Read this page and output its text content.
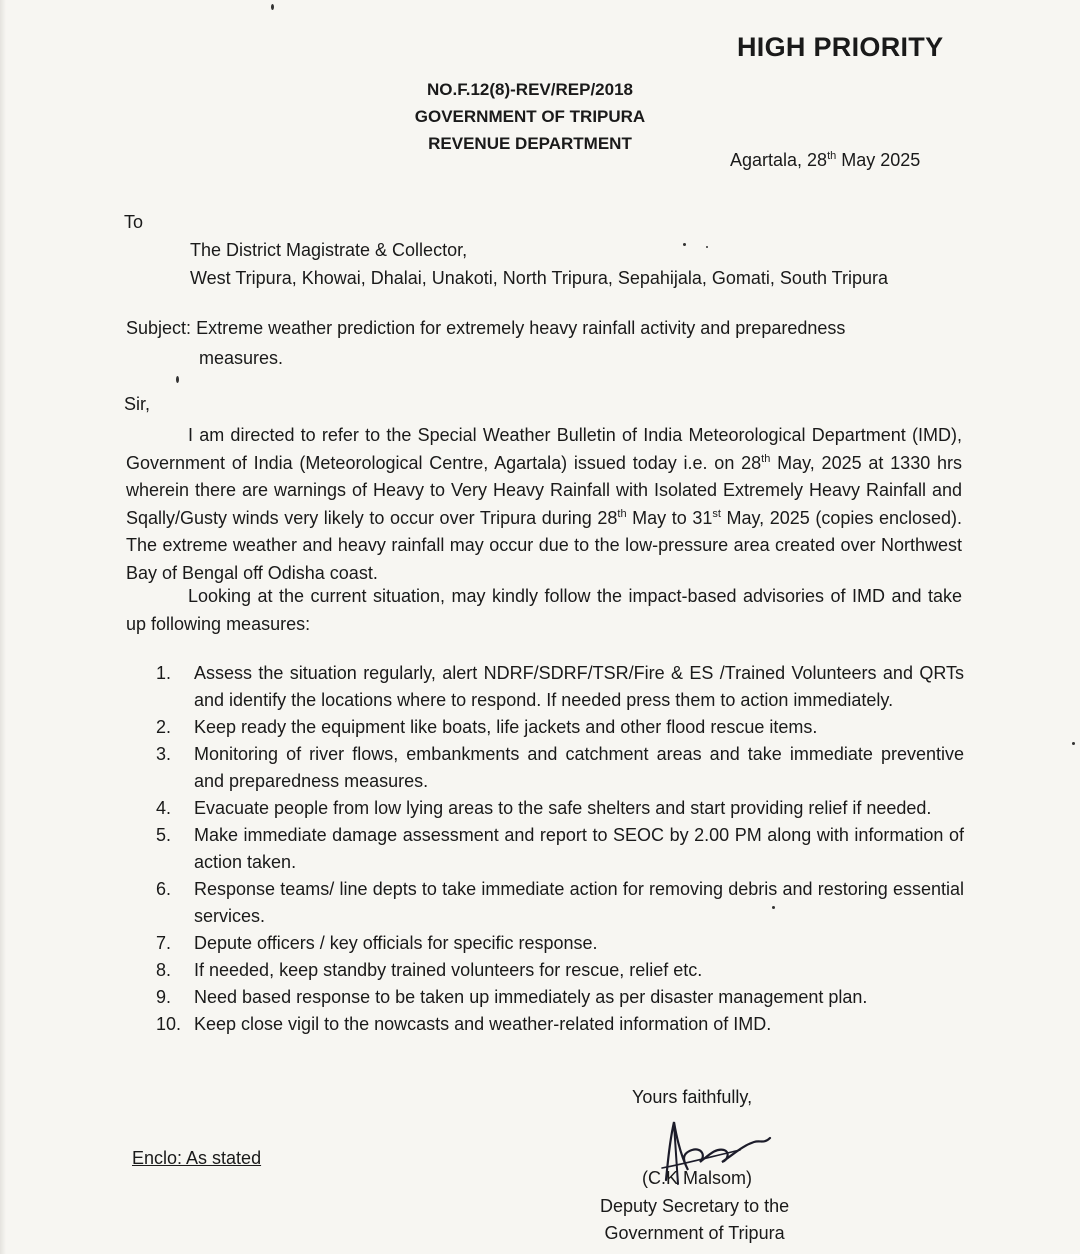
HIGH PRIORITY
NO.F.12(8)-REV/REP/2018
GOVERNMENT OF TRIPURA
REVENUE DEPARTMENT
Agartala, 28th May 2025
To
The District Magistrate & Collector,
West Tripura, Khowai, Dhalai, Unakoti, North Tripura, Sepahijala, Gomati, South Tripura
Subject: Extreme weather prediction for extremely heavy rainfall activity and preparedness
measures.
Sir,
I am directed to refer to the Special Weather Bulletin of India Meteorological Department (IMD), Government of India (Meteorological Centre, Agartala) issued today i.e. on 28th May, 2025 at 1330 hrs wherein there are warnings of Heavy to Very Heavy Rainfall with Isolated Extremely Heavy Rainfall and Sqally/Gusty winds very likely to occur over Tripura during 28th May to 31st May, 2025 (copies enclosed). The extreme weather and heavy rainfall may occur due to the low-pressure area created over Northwest Bay of Bengal off Odisha coast.
Looking at the current situation, may kindly follow the impact-based advisories of IMD and take up following measures:
1.	Assess the situation regularly, alert NDRF/SDRF/TSR/Fire & ES /Trained Volunteers and QRTs and identify the locations where to respond. If needed press them to action immediately.
2.	Keep ready the equipment like boats, life jackets and other flood rescue items.
3.	Monitoring of river flows, embankments and catchment areas and take immediate preventive and preparedness measures.
4.	Evacuate people from low lying areas to the safe shelters and start providing relief if needed.
5.	Make immediate damage assessment and report to SEOC by 2.00 PM along with information of action taken.
6.	Response teams/ line depts to take immediate action for removing debris and restoring essential services.
7.	Depute officers / key officials for specific response.
8.	If needed, keep standby trained volunteers for rescue, relief etc.
9.	Need based response to be taken up immediately as per disaster management plan.
10. Keep close vigil to the nowcasts and weather-related information of IMD.
Yours faithfully,
(C.K Malsom)
Deputy Secretary to the
Government of Tripura
Enclo: As stated
